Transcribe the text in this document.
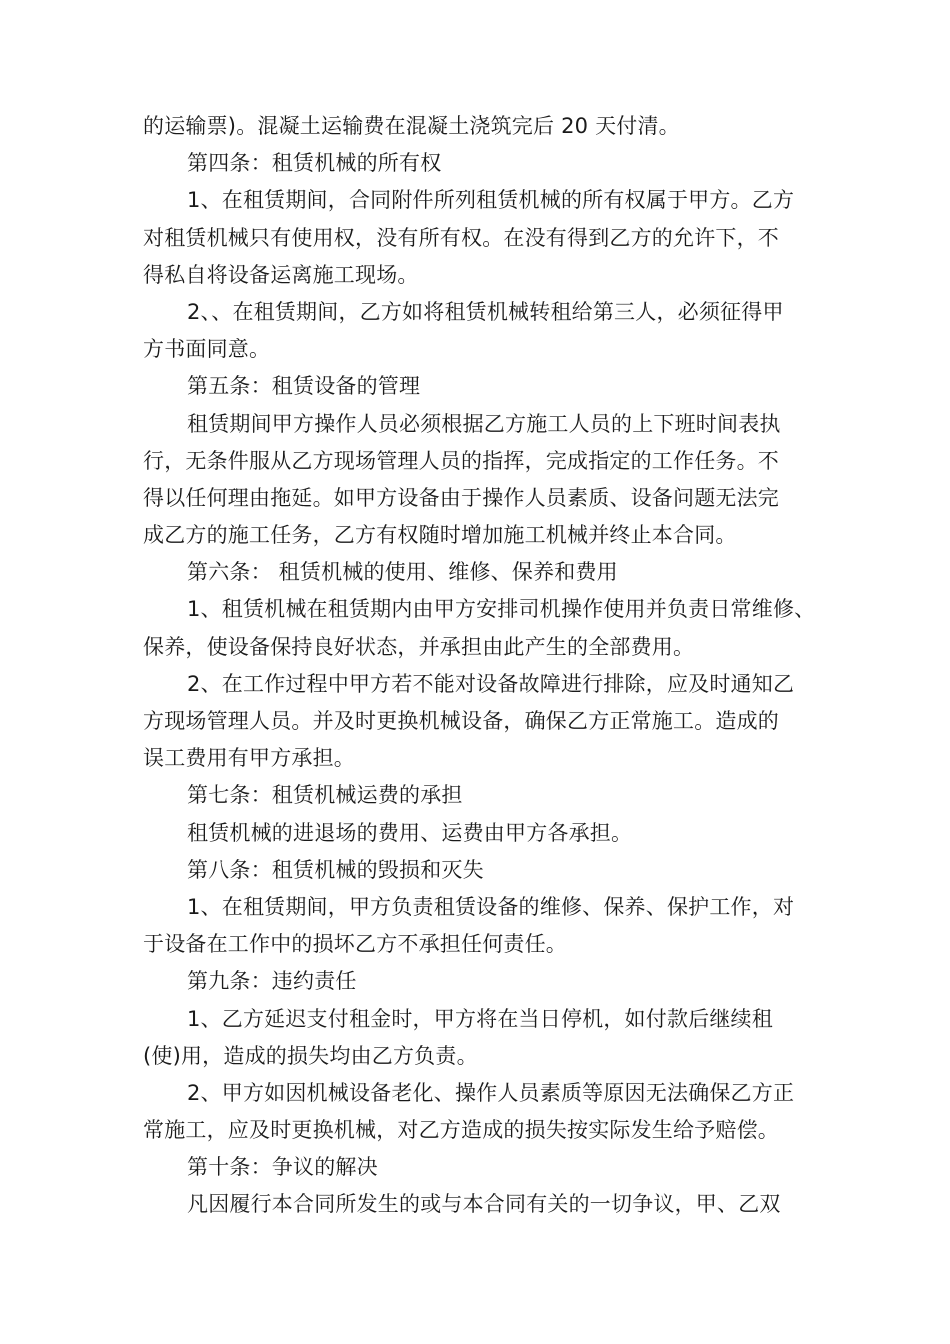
的运输票)。混凝土运输费在混凝土浇筑完后 20 天付清。
第四条：租赁机械的所有权
1、在租赁期间，合同附件所列租赁机械的所有权属于甲方。乙方
对租赁机械只有使用权，没有所有权。在没有得到乙方的允许下，不
得私自将设备运离施工现场。
2、、在租赁期间，乙方如将租赁机械转租给第三人，必须征得甲
方书面同意。
第五条：租赁设备的管理
租赁期间甲方操作人员必须根据乙方施工人员的上下班时间表执
行，无条件服从乙方现场管理人员的指挥，完成指定的工作任务。不
得以任何理由拖延。如甲方设备由于操作人员素质、设备问题无法完
成乙方的施工任务，乙方有权随时增加施工机械并终止本合同。
第六条： 租赁机械的使用、维修、保养和费用
1、租赁机械在租赁期内由甲方安排司机操作使用并负责日常维修、
保养，使设备保持良好状态，并承担由此产生的全部费用。
2、在工作过程中甲方若不能对设备故障进行排除，应及时通知乙
方现场管理人员。并及时更换机械设备，确保乙方正常施工。造成的
误工费用有甲方承担。
第七条：租赁机械运费的承担
租赁机械的进退场的费用、运费由甲方各承担。
第八条：租赁机械的毁损和灭失
1、在租赁期间，甲方负责租赁设备的维修、保养、保护工作，对
于设备在工作中的损坏乙方不承担任何责任。
第九条：违约责任
1、乙方延迟支付租金时，甲方将在当日停机，如付款后继续租
(使)用，造成的损失均由乙方负责。
2、甲方如因机械设备老化、操作人员素质等原因无法确保乙方正
常施工，应及时更换机械，对乙方造成的损失按实际发生给予赔偿。
第十条：争议的解决
凡因履行本合同所发生的或与本合同有关的一切争议，甲、乙双
